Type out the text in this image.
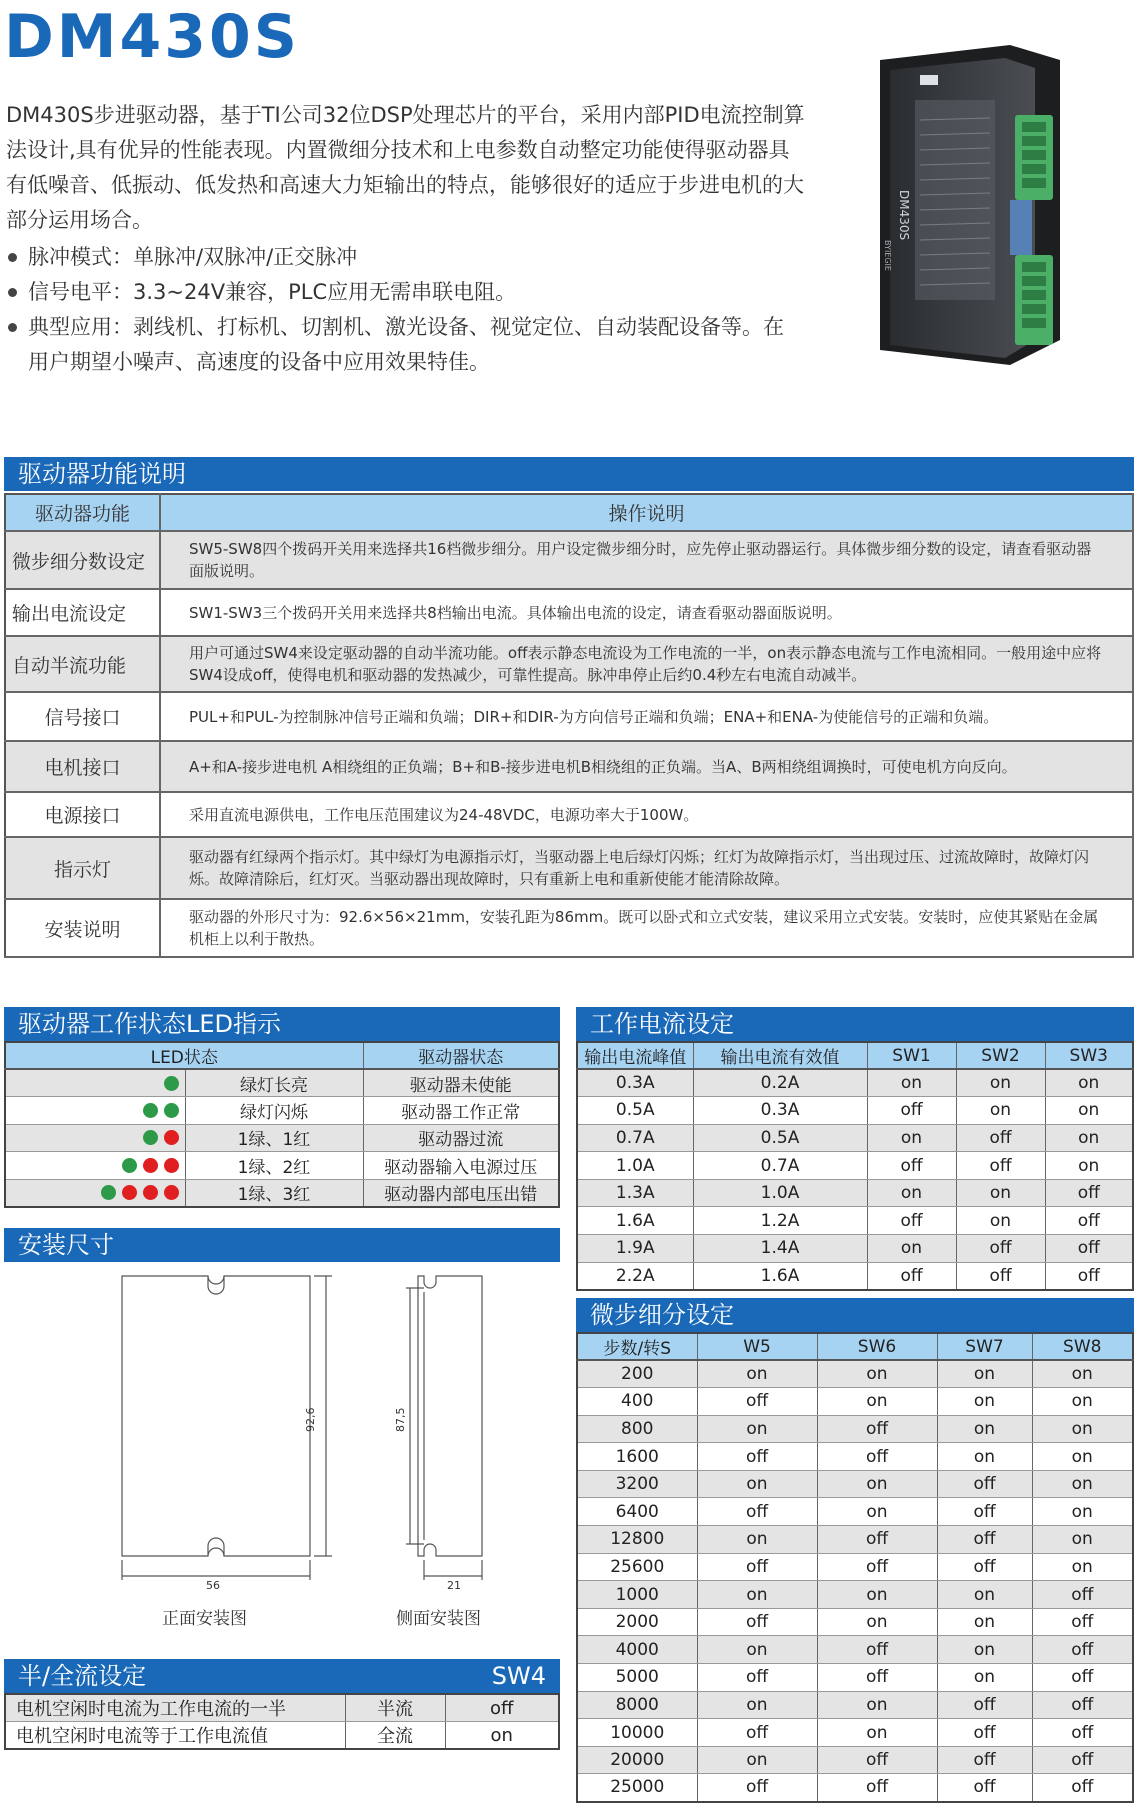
DM430S

DM430S步进驱动器，基于TI公司32位DSP处理芯片的平台，采用内部PID电流控制算法设计,具有优异的性能表现。内置微细分技术和上电参数自动整定功能使得驱动器具有低噪音、低振动、低发热和高速大力矩输出的特点，能够很好的适应于步进电机的大部分运用场合。

脉冲模式：单脉冲/双脉冲/正交脉冲
信号电平：3.3~24V兼容，PLC应用无需串联电阻。
典型应用：剥线机、打标机、切割机、激光设备、视觉定位、自动装配设备等。在用户期望小噪声、高速度的设备中应用效果特佳。
DM430S
BYIEGIE
驱动器功能说明
驱动器功能	操作说明
微步细分数设定	SW5-SW8四个拨码开关用来选择共16档微步细分。用户设定微步细分时，应先停止驱动器运行。具体微步细分数的设定，请查看驱动器面版说明。
输出电流设定	SW1-SW3三个拨码开关用来选择共8档输出电流。具体输出电流的设定，请查看驱动器面版说明。
自动半流功能	用户可通过SW4来设定驱动器的自动半流功能。off表示静态电流设为工作电流的一半，on表示静态电流与工作电流相同。一般用途中应将 SW4设成off，使得电机和驱动器的发热减少，可靠性提高。脉冲串停止后约0.4秒左右电流自动减半。
信号接口	PUL+和PUL-为控制脉冲信号正端和负端；DIR+和DIR-为方向信号正端和负端；ENA+和ENA-为使能信号的正端和负端。
电机接口	A+和A-接步进电机 A相绕组的正负端；B+和B-接步进电机B相绕组的正负端。当A、B两相绕组调换时，可使电机方向反向。
电源接口	采用直流电源供电，工作电压范围建议为24-48VDC，电源功率大于100W。
指示灯	驱动器有红绿两个指示灯。其中绿灯为电源指示灯，当驱动器上电后绿灯闪烁；红灯为故障指示灯，当出现过压、过流故障时，故障灯闪烁。故障清除后，红灯灭。当驱动器出现故障时，只有重新上电和重新使能才能清除故障。
安装说明	驱动器的外形尺寸为：92.6×56×21mm，安装孔距为86mm。既可以卧式和立式安装，建议采用立式安装。安装时，应使其紧贴在金属机柜上以利于散热。
驱动器工作状态LED指示
LED状态		驱动器状态
	绿灯长亮	驱动器未使能
	绿灯闪烁	驱动器工作正常
	1绿、1红	驱动器过流
	1绿、2红	驱动器输入电源过压
	1绿、3红	驱动器内部电压出错
安装尺寸
56
92,6
21
87,5
正面安装图	侧面安装图
半/全流设定	SW4
电机空闲时电流为工作电流的一半	半流	off
电机空闲时电流等于工作电流值	全流	on
工作电流设定
输出电流峰值	输出电流有效值	SW1	SW2	SW3
0.3A	0.2A	on	on	on
0.5A	0.3A	off	on	on
0.7A	0.5A	on	off	on
1.0A	0.7A	off	off	on
1.3A	1.0A	on	on	off
1.6A	1.2A	off	on	off
1.9A	1.4A	on	off	off
2.2A	1.6A	off	off	off
微步细分设定
步数/转S	W5	SW6	SW7	SW8
200	on	on	on	on
400	off	on	on	on
800	on	off	on	on
1600	off	off	on	on
3200	on	on	off	on
6400	off	on	off	on
12800	on	off	off	on
25600	off	off	off	on
1000	on	on	on	off
2000	off	on	on	off
4000	on	off	on	off
5000	off	off	on	off
8000	on	on	off	off
10000	off	on	off	off
20000	on	off	off	off
25000	off	off	off	off
